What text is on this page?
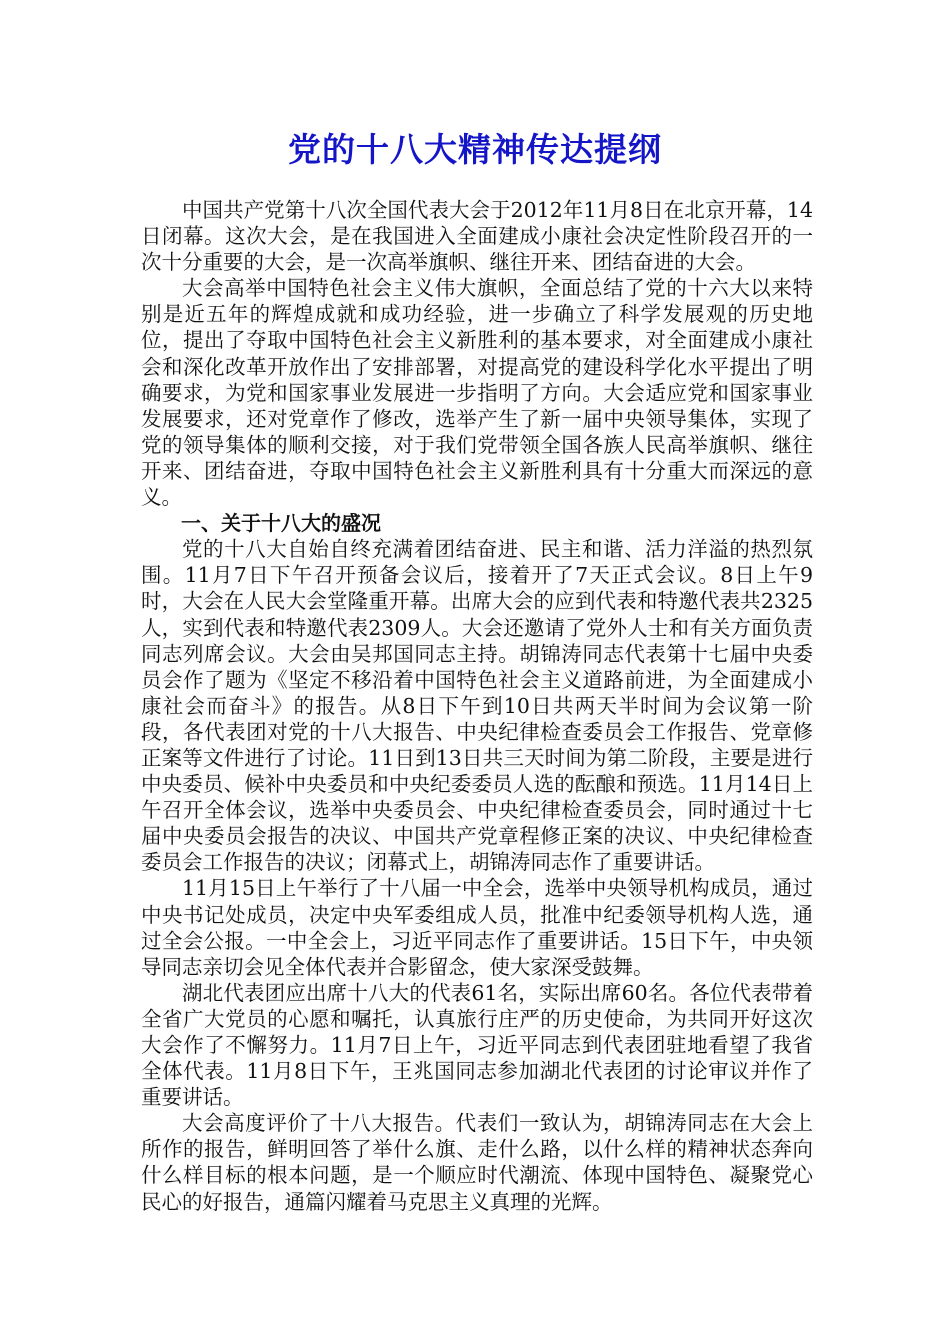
党的十八大精神传达提纲

中国共产党第十八次全国代表大会于2012年11月8日在北京开幕，14日闭幕。这次大会，是在我国进入全面建成小康社会决定性阶段召开的一次十分重要的大会，是一次高举旗帜、继往开来、团结奋进的大会。

大会高举中国特色社会主义伟大旗帜，全面总结了党的十六大以来特别是近五年的辉煌成就和成功经验，进一步确立了科学发展观的历史地位，提出了夺取中国特色社会主义新胜利的基本要求，对全面建成小康社会和深化改革开放作出了安排部署，对提高党的建设科学化水平提出了明确要求，为党和国家事业发展进一步指明了方向。大会适应党和国家事业发展要求，还对党章作了修改，选举产生了新一届中央领导集体，实现了党的领导集体的顺利交接，对于我们党带领全国各族人民高举旗帜、继往开来、团结奋进，夺取中国特色社会主义新胜利具有十分重大而深远的意义。

一、关于十八大的盛况

党的十八大自始自终充满着团结奋进、民主和谐、活力洋溢的热烈氛围。11月7日下午召开预备会议后，接着开了7天正式会议。8日上午9时，大会在人民大会堂隆重开幕。出席大会的应到代表和特邀代表共2325人，实到代表和特邀代表2309人。大会还邀请了党外人士和有关方面负责同志列席会议。大会由吴邦国同志主持。胡锦涛同志代表第十七届中央委员会作了题为《坚定不移沿着中国特色社会主义道路前进，为全面建成小康社会而奋斗》的报告。从8日下午到10日共两天半时间为会议第一阶段，各代表团对党的十八大报告、中央纪律检查委员会工作报告、党章修正案等文件进行了讨论。11日到13日共三天时间为第二阶段，主要是进行中央委员、候补中央委员和中央纪委委员人选的酝酿和预选。11月14日上午召开全体会议，选举中央委员会、中央纪律检查委员会，同时通过十七届中央委员会报告的决议、中国共产党章程修正案的决议、中央纪律检查委员会工作报告的决议；闭幕式上，胡锦涛同志作了重要讲话。

11月15日上午举行了十八届一中全会，选举中央领导机构成员，通过中央书记处成员，决定中央军委组成人员，批准中纪委领导机构人选，通过全会公报。一中全会上，习近平同志作了重要讲话。15日下午，中央领导同志亲切会见全体代表并合影留念，使大家深受鼓舞。

湖北代表团应出席十八大的代表61名，实际出席60名。各位代表带着全省广大党员的心愿和嘱托，认真旅行庄严的历史使命，为共同开好这次大会作了不懈努力。11月7日上午，习近平同志到代表团驻地看望了我省全体代表。11月8日下午，王兆国同志参加湖北代表团的讨论审议并作了重要讲话。

大会高度评价了十八大报告。代表们一致认为，胡锦涛同志在大会上所作的报告，鲜明回答了举什么旗、走什么路，以什么样的精神状态奔向什么样目标的根本问题，是一个顺应时代潮流、体现中国特色、凝聚党心民心的好报告，通篇闪耀着马克思主义真理的光辉。
